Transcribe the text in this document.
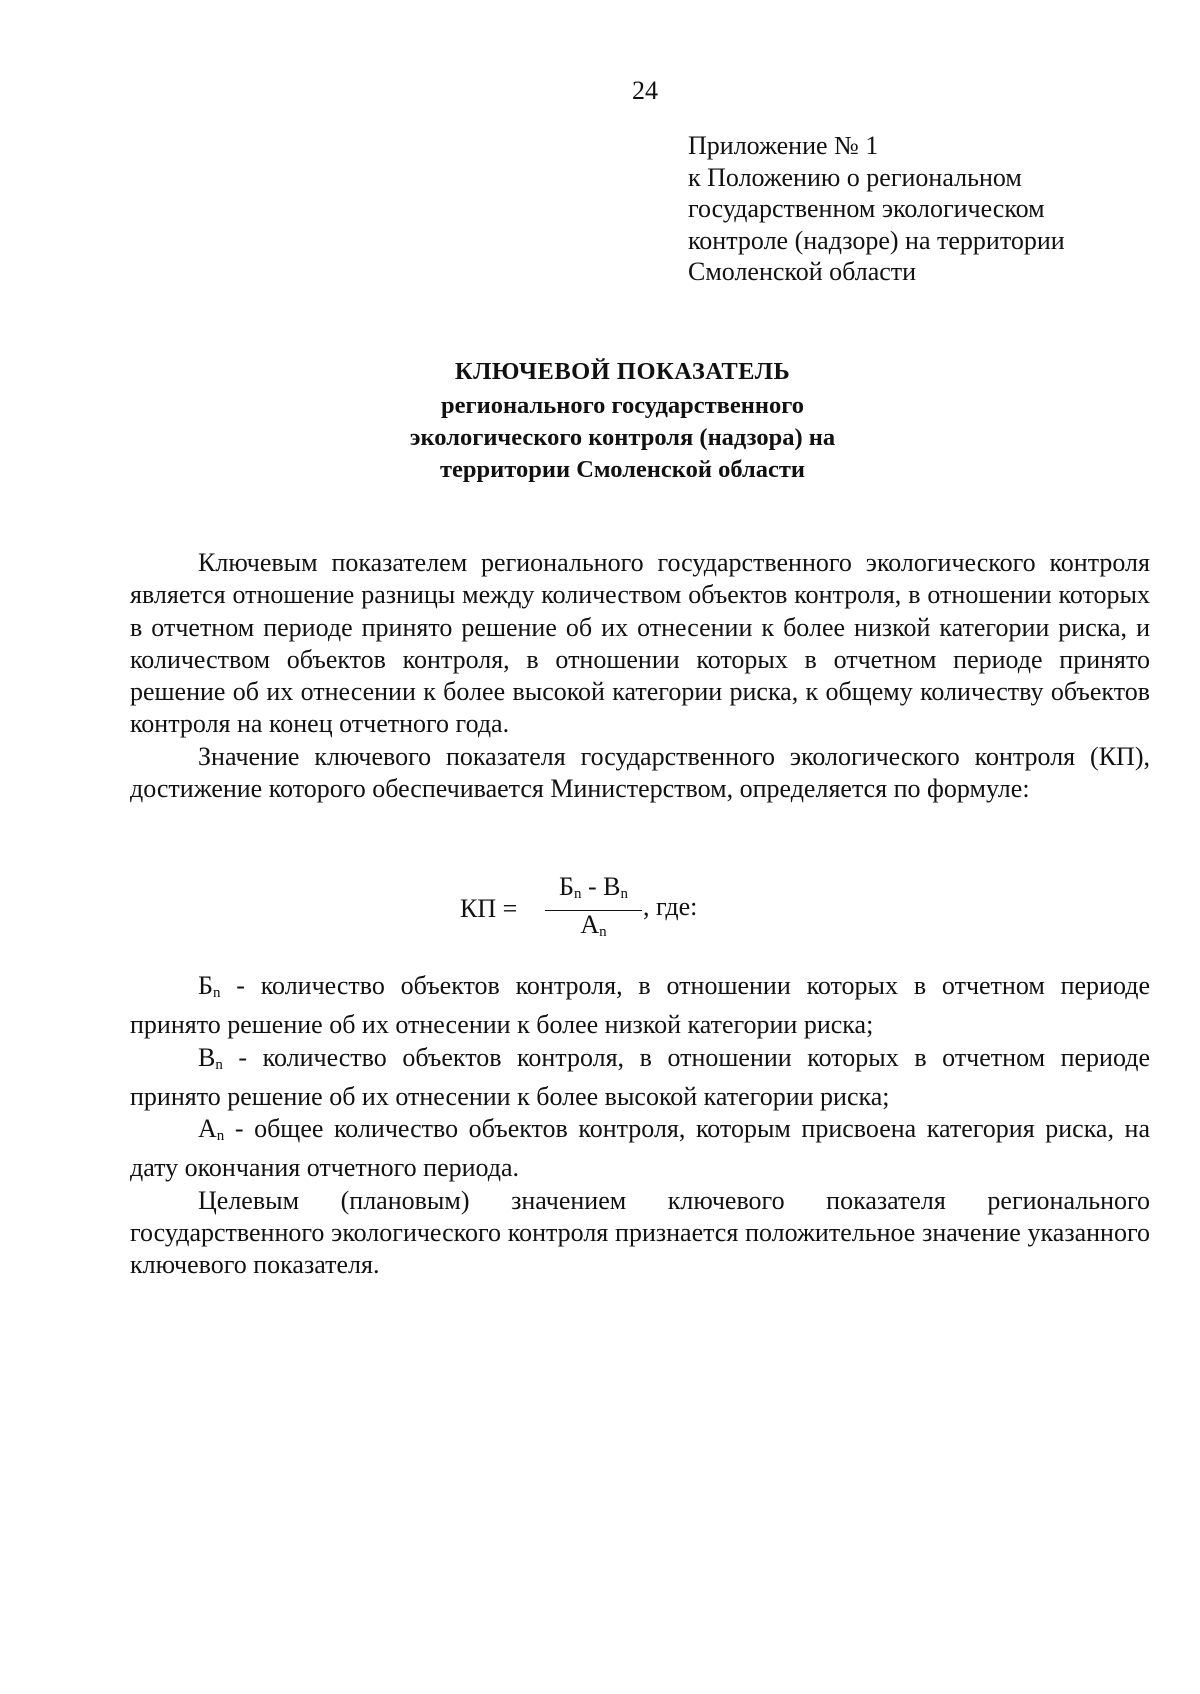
24
Приложение № 1
к Положению о региональном
государственном экологическом
контроле (надзоре) на территории
Смоленской области
КЛЮЧЕВОЙ ПОКАЗАТЕЛЬ
регионального государственного
экологического контроля (надзора) на
территории Смоленской области

Ключевым показателем регионального государственного экологического контроля является отношение разницы между количеством объектов контроля, в отношении которых в отчетном периоде принято решение об их отнесении к более низкой категории риска, и количеством объектов контроля, в отношении которых в отчетном периоде принято решение об их отнесении к более высокой категории риска, к общему количеству объектов контроля на конец отчетного года.

Значение ключевого показателя государственного экологического контроля (КП), достижение которого обеспечивается Министерством, определяется по формуле:

КП =
$Б_n - В_n$
$А_n$
, где:

$Б_n$ - количество объектов контроля, в отношении которых в отчетном периоде принято решение об их отнесении к более низкой категории риска;

$В_n$ - количество объектов контроля, в отношении которых в отчетном периоде принято решение об их отнесении к более высокой категории риска;

$А_n$ - общее количество объектов контроля, которым присвоена категория риска, на дату окончания отчетного периода.

Целевым (плановым) значением ключевого показателя регионального государственного экологического контроля признается положительное значение указанного ключевого показателя.
